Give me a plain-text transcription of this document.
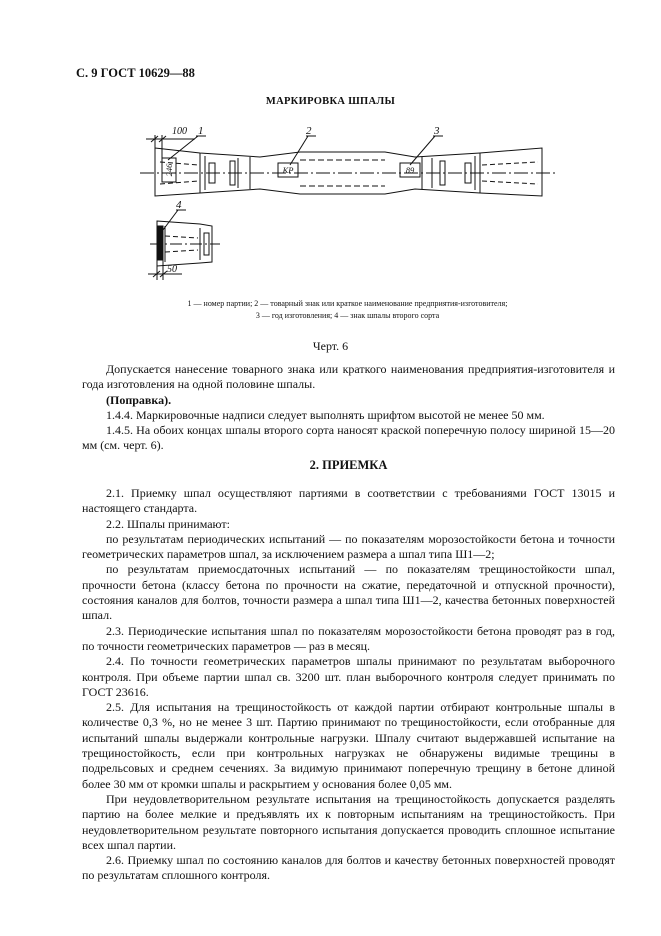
С. 9 ГОСТ 10629—88
МАРКИРОВКА ШПАЛЫ
100 1	2	3
4
50
246	КР	89
1 — номер партии; 2 — товарный знак или краткое наименование предприятия-изготовителя;
3 — год изготовления; 4 — знак шпалы второго сорта
Черт. 6

Допускается нанесение товарного знака или краткого наименования предприятия-изготовителя и года изготовления на одной половине шпалы.

(Поправка).

1.4.4. Маркировочные надписи следует выполнять шрифтом высотой не менее 50 мм.

1.4.5. На обоих концах шпалы второго сорта наносят краской поперечную полосу шириной 15—20 мм (см. черт. 6).

2. ПРИЕМКА

2.1. Приемку шпал осуществляют партиями в соответствии с требованиями ГОСТ 13015 и настоящего стандарта.

2.2. Шпалы принимают:

по результатам периодических испытаний — по показателям морозостойкости бетона и точности геометрических параметров шпал, за исключением размера а шпал типа Ш1—2;

по результатам приемосдаточных испытаний — по показателям трещиностойкости шпал, прочности бетона (классу бетона по прочности на сжатие, передаточной и отпускной прочности), состояния каналов для болтов, точности размера а шпал типа Ш1—2, качества бетонных поверхностей шпал.

2.3. Периодические испытания шпал по показателям морозостойкости бетона проводят раз в год, по точности геометрических параметров — раз в месяц.

2.4. По точности геометрических параметров шпалы принимают по результатам выборочного контроля. При объеме партии шпал св. 3200 шт. план выборочного контроля следует принимать по ГОСТ 23616.

2.5. Для испытания на трещиностойкость от каждой партии отбирают контрольные шпалы в количестве 0,3 %, но не менее 3 шт. Партию принимают по трещиностойкости, если отобранные для испытаний шпалы выдержали контрольные нагрузки. Шпалу считают выдержавшей испытание на трещиностойкость, если при контрольных нагрузках не обнаружены видимые трещины в подрельсовых и среднем сечениях. За видимую принимают поперечную трещину в бетоне длиной более 30 мм от кромки шпалы и раскрытием у основания более 0,05 мм.

При неудовлетворительном результате испытания на трещиностойкость допускается разделять партию на более мелкие и предъявлять их к повторным испытаниям на трещиностойкость. При неудовлетворительном результате повторного испытания допускается проводить сплошное испытание всех шпал партии.

2.6. Приемку шпал по состоянию каналов для болтов и качеству бетонных поверхностей проводят по результатам сплошного контроля.
